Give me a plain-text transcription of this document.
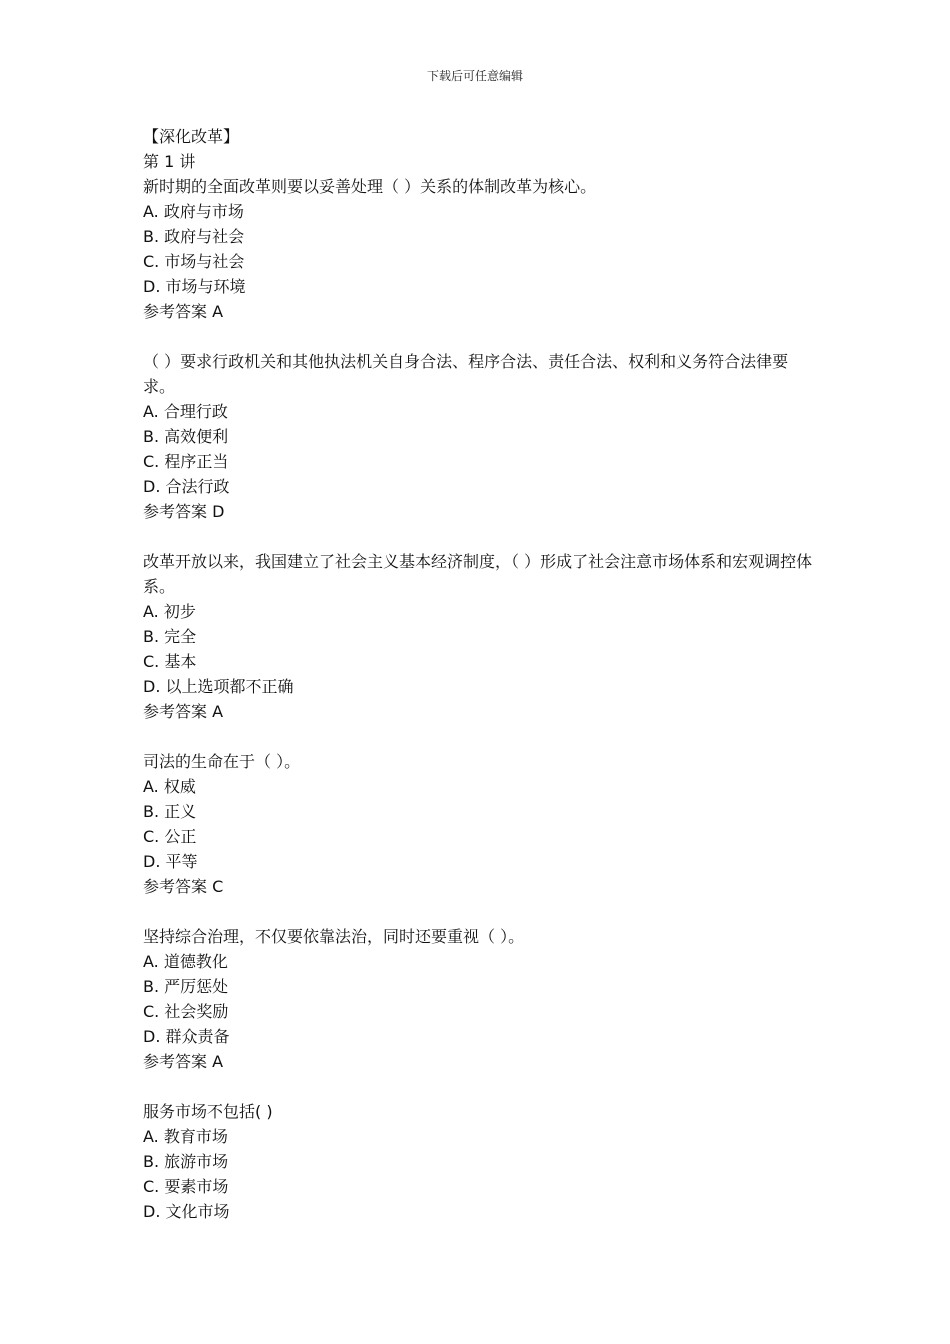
下载后可任意编辑
【深化改革】
第 1 讲
新时期的全面改革则要以妥善处理（ ）关系的体制改革为核心。
A. 政府与市场
B. 政府与社会
C. 市场与社会
D. 市场与环境
参考答案 A
（ ）要求行政机关和其他执法机关自身合法、程序合法、责任合法、权利和义务符合法律要求。
A. 合理行政
B. 高效便利
C. 程序正当
D. 合法行政
参考答案 D
改革开放以来，我国建立了社会主义基本经济制度，（ ）形成了社会注意市场体系和宏观调控体系。
A. 初步
B. 完全
C. 基本
D. 以上选项都不正确
参考答案 A
司法的生命在于（ ）。
A. 权威
B. 正义
C. 公正
D. 平等
参考答案 C
坚持综合治理，不仅要依靠法治，同时还要重视（ ）。
A. 道德教化
B. 严厉惩处
C. 社会奖励
D. 群众责备
参考答案 A
服务市场不包括( )
A. 教育市场
B. 旅游市场
C. 要素市场
D. 文化市场
